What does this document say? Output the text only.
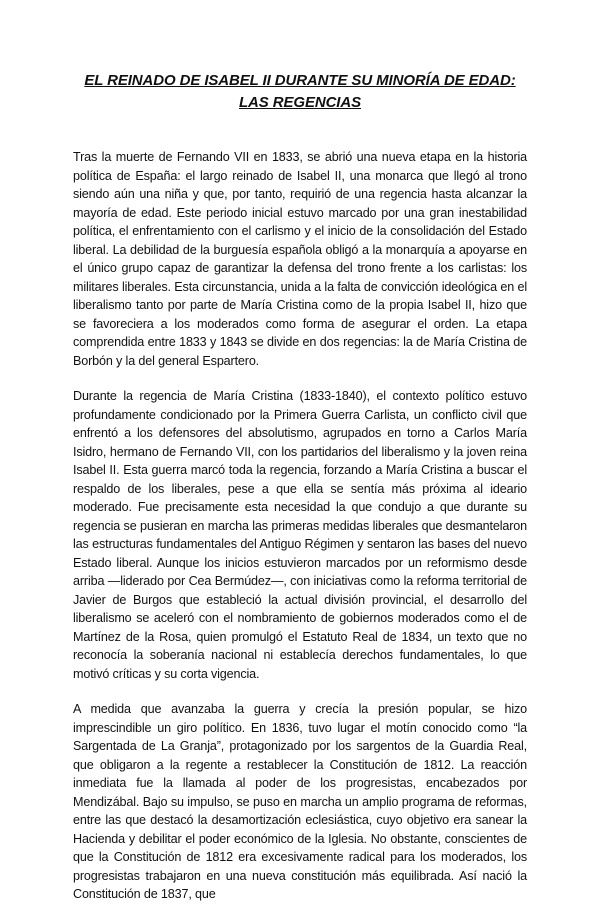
EL REINADO DE ISABEL II DURANTE SU MINORÍA DE EDAD:
LAS REGENCIAS

Tras la muerte de Fernando VII en 1833, se abrió una nueva etapa en la historia política de España: el largo reinado de Isabel II, una monarca que llegó al trono siendo aún una niña y que, por tanto, requirió de una regencia hasta alcanzar la mayoría de edad. Este periodo inicial estuvo marcado por una gran inestabilidad política, el enfrentamiento con el carlismo y el inicio de la consolidación del Estado liberal. La debilidad de la burguesía española obligó a la monarquía a apoyarse en el único grupo capaz de garantizar la defensa del trono frente a los carlistas: los militares liberales. Esta circunstancia, unida a la falta de convicción ideológica en el liberalismo tanto por parte de María Cristina como de la propia Isabel II, hizo que se favoreciera a los moderados como forma de asegurar el orden. La etapa comprendida entre 1833 y 1843 se divide en dos regencias: la de María Cristina de Borbón y la del general Espartero.

Durante la regencia de María Cristina (1833-1840), el contexto político estuvo profundamente condicionado por la Primera Guerra Carlista, un conflicto civil que enfrentó a los defensores del absolutismo, agrupados en torno a Carlos María Isidro, hermano de Fernando VII, con los partidarios del liberalismo y la joven reina Isabel II. Esta guerra marcó toda la regencia, forzando a María Cristina a buscar el respaldo de los liberales, pese a que ella se sentía más próxima al ideario moderado. Fue precisamente esta necesidad la que condujo a que durante su regencia se pusieran en marcha las primeras medidas liberales que desmantelaron las estructuras fundamentales del Antiguo Régimen y sentaron las bases del nuevo Estado liberal. Aunque los inicios estuvieron marcados por un reformismo desde arriba —liderado por Cea Bermúdez—, con iniciativas como la reforma territorial de Javier de Burgos que estableció la actual división provincial, el desarrollo del liberalismo se aceleró con el nombramiento de gobiernos moderados como el de Martínez de la Rosa, quien promulgó el Estatuto Real de 1834, un texto que no reconocía la soberanía nacional ni establecía derechos fundamentales, lo que motivó críticas y su corta vigencia.

A medida que avanzaba la guerra y crecía la presión popular, se hizo imprescindible un giro político. En 1836, tuvo lugar el motín conocido como “la Sargentada de La Granja”, protagonizado por los sargentos de la Guardia Real, que obligaron a la regente a restablecer la Constitución de 1812. La reacción inmediata fue la llamada al poder de los progresistas, encabezados por Mendizábal. Bajo su impulso, se puso en marcha un amplio programa de reformas, entre las que destacó la desamortización eclesiástica, cuyo objetivo era sanear la Hacienda y debilitar el poder económico de la Iglesia. No obstante, conscientes de que la Constitución de 1812 era excesivamente radical para los moderados, los progresistas trabajaron en una nueva constitución más equilibrada. Así nació la Constitución de 1837, que
